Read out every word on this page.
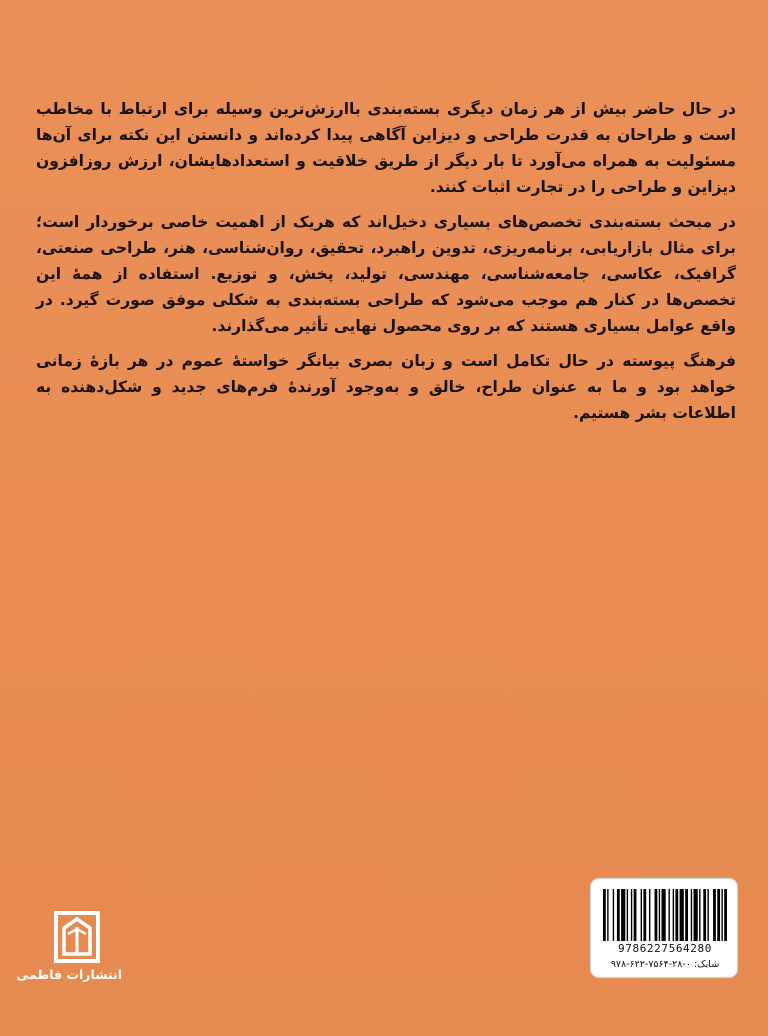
در حال حاضر بیش از هر زمان دیگری بسته‌بندی باارزش‌ترین وسیله برای ارتباط با مخاطب است و طراحان به قدرت طراحی و دیزاین آگاهی پیدا کرده‌اند و دانستن این نکته برای آن‌ها مسئولیت به همراه می‌آورد تا بار دیگر از طریق خلاقیت و استعدادهایشان، ارزش روزافزون دیزاین و طراحی را در تجارت اثبات کنند.

در مبحث بسته‌بندی تخصص‌های بسیاری دخیل‌اند که هریک از اهمیت خاصی برخوردار است؛ برای مثال بازاریابی، برنامه‌ریزی، تدوین راهبرد، تحقیق، روان‌شناسی، هنر، طراحی صنعتی، گرافیک، عکاسی، جامعه‌شناسی، مهندسی، تولید، پخش، و توزیع. استفاده از همهٔ این تخصص‌ها در کنار هم موجب می‌شود که طراحی بسته‌بندی به شکلی موفق صورت گیرد. در واقع عوامل بسیاری هستند که بر روی محصول نهایی تأثیر می‌گذارند.

فرهنگ پیوسته در حال تکامل است و زبان بصری بیانگر خواستهٔ عموم در هر بازهٔ زمانی خواهد بود و ما به عنوان طراح، خالق و به‌وجود آورندهٔ فرم‌های جدید و شکل‌دهنده به اطلاعات بشر هستیم.

انتشارات فاطمی
9786227564280
شابک: ۰-۲۸-۷۵۶۴-۶۲۲-۹۷۸
